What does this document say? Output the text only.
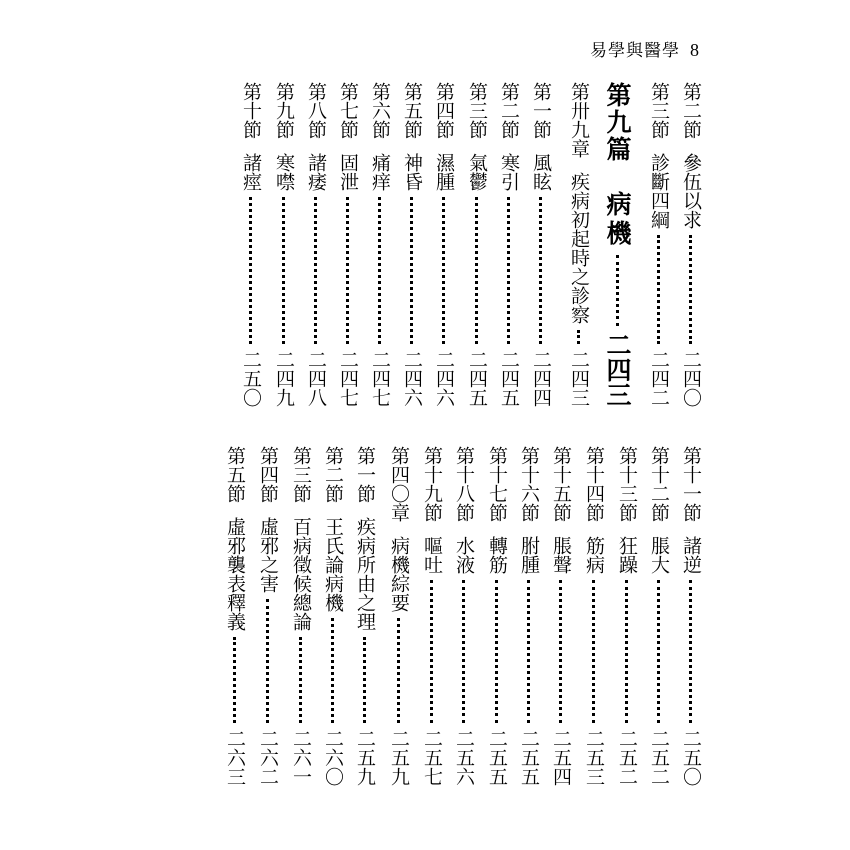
易學與醫學 8
第二節
參伍以求
二四〇
第三節
診斷四綱
二四二
第九篇
病機
二四三
第卅九章
疾病初起時之診察
二四三
第一節
風眩
二四四
第二節
寒引
二四五
第三節
氣鬱
二四五
第四節
濕腫
二四六
第五節
神昏
二四六
第六節
痛痒
二四七
第七節
固泄
二四七
第八節
諸痿
二四八
第九節
寒噤
二四九
第十節
諸痙
二五〇
第十一節
諸逆
二五〇
第十二節
脹大
二五二
第十三節
狂躁
二五二
第十四節
筋病
二五三
第十五節
脹聲
二五四
第十六節
胕腫
二五五
第十七節
轉筋
二五五
第十八節
水液
二五六
第十九節
嘔吐
二五七
第四〇章
病機綜要
二五九
第一節
疾病所由之理
二五九
第二節
王氏論病機
二六〇
第三節
百病徵候總論
二六一
第四節
虛邪之害
二六二
第五節
虛邪襲表釋義
二六三
